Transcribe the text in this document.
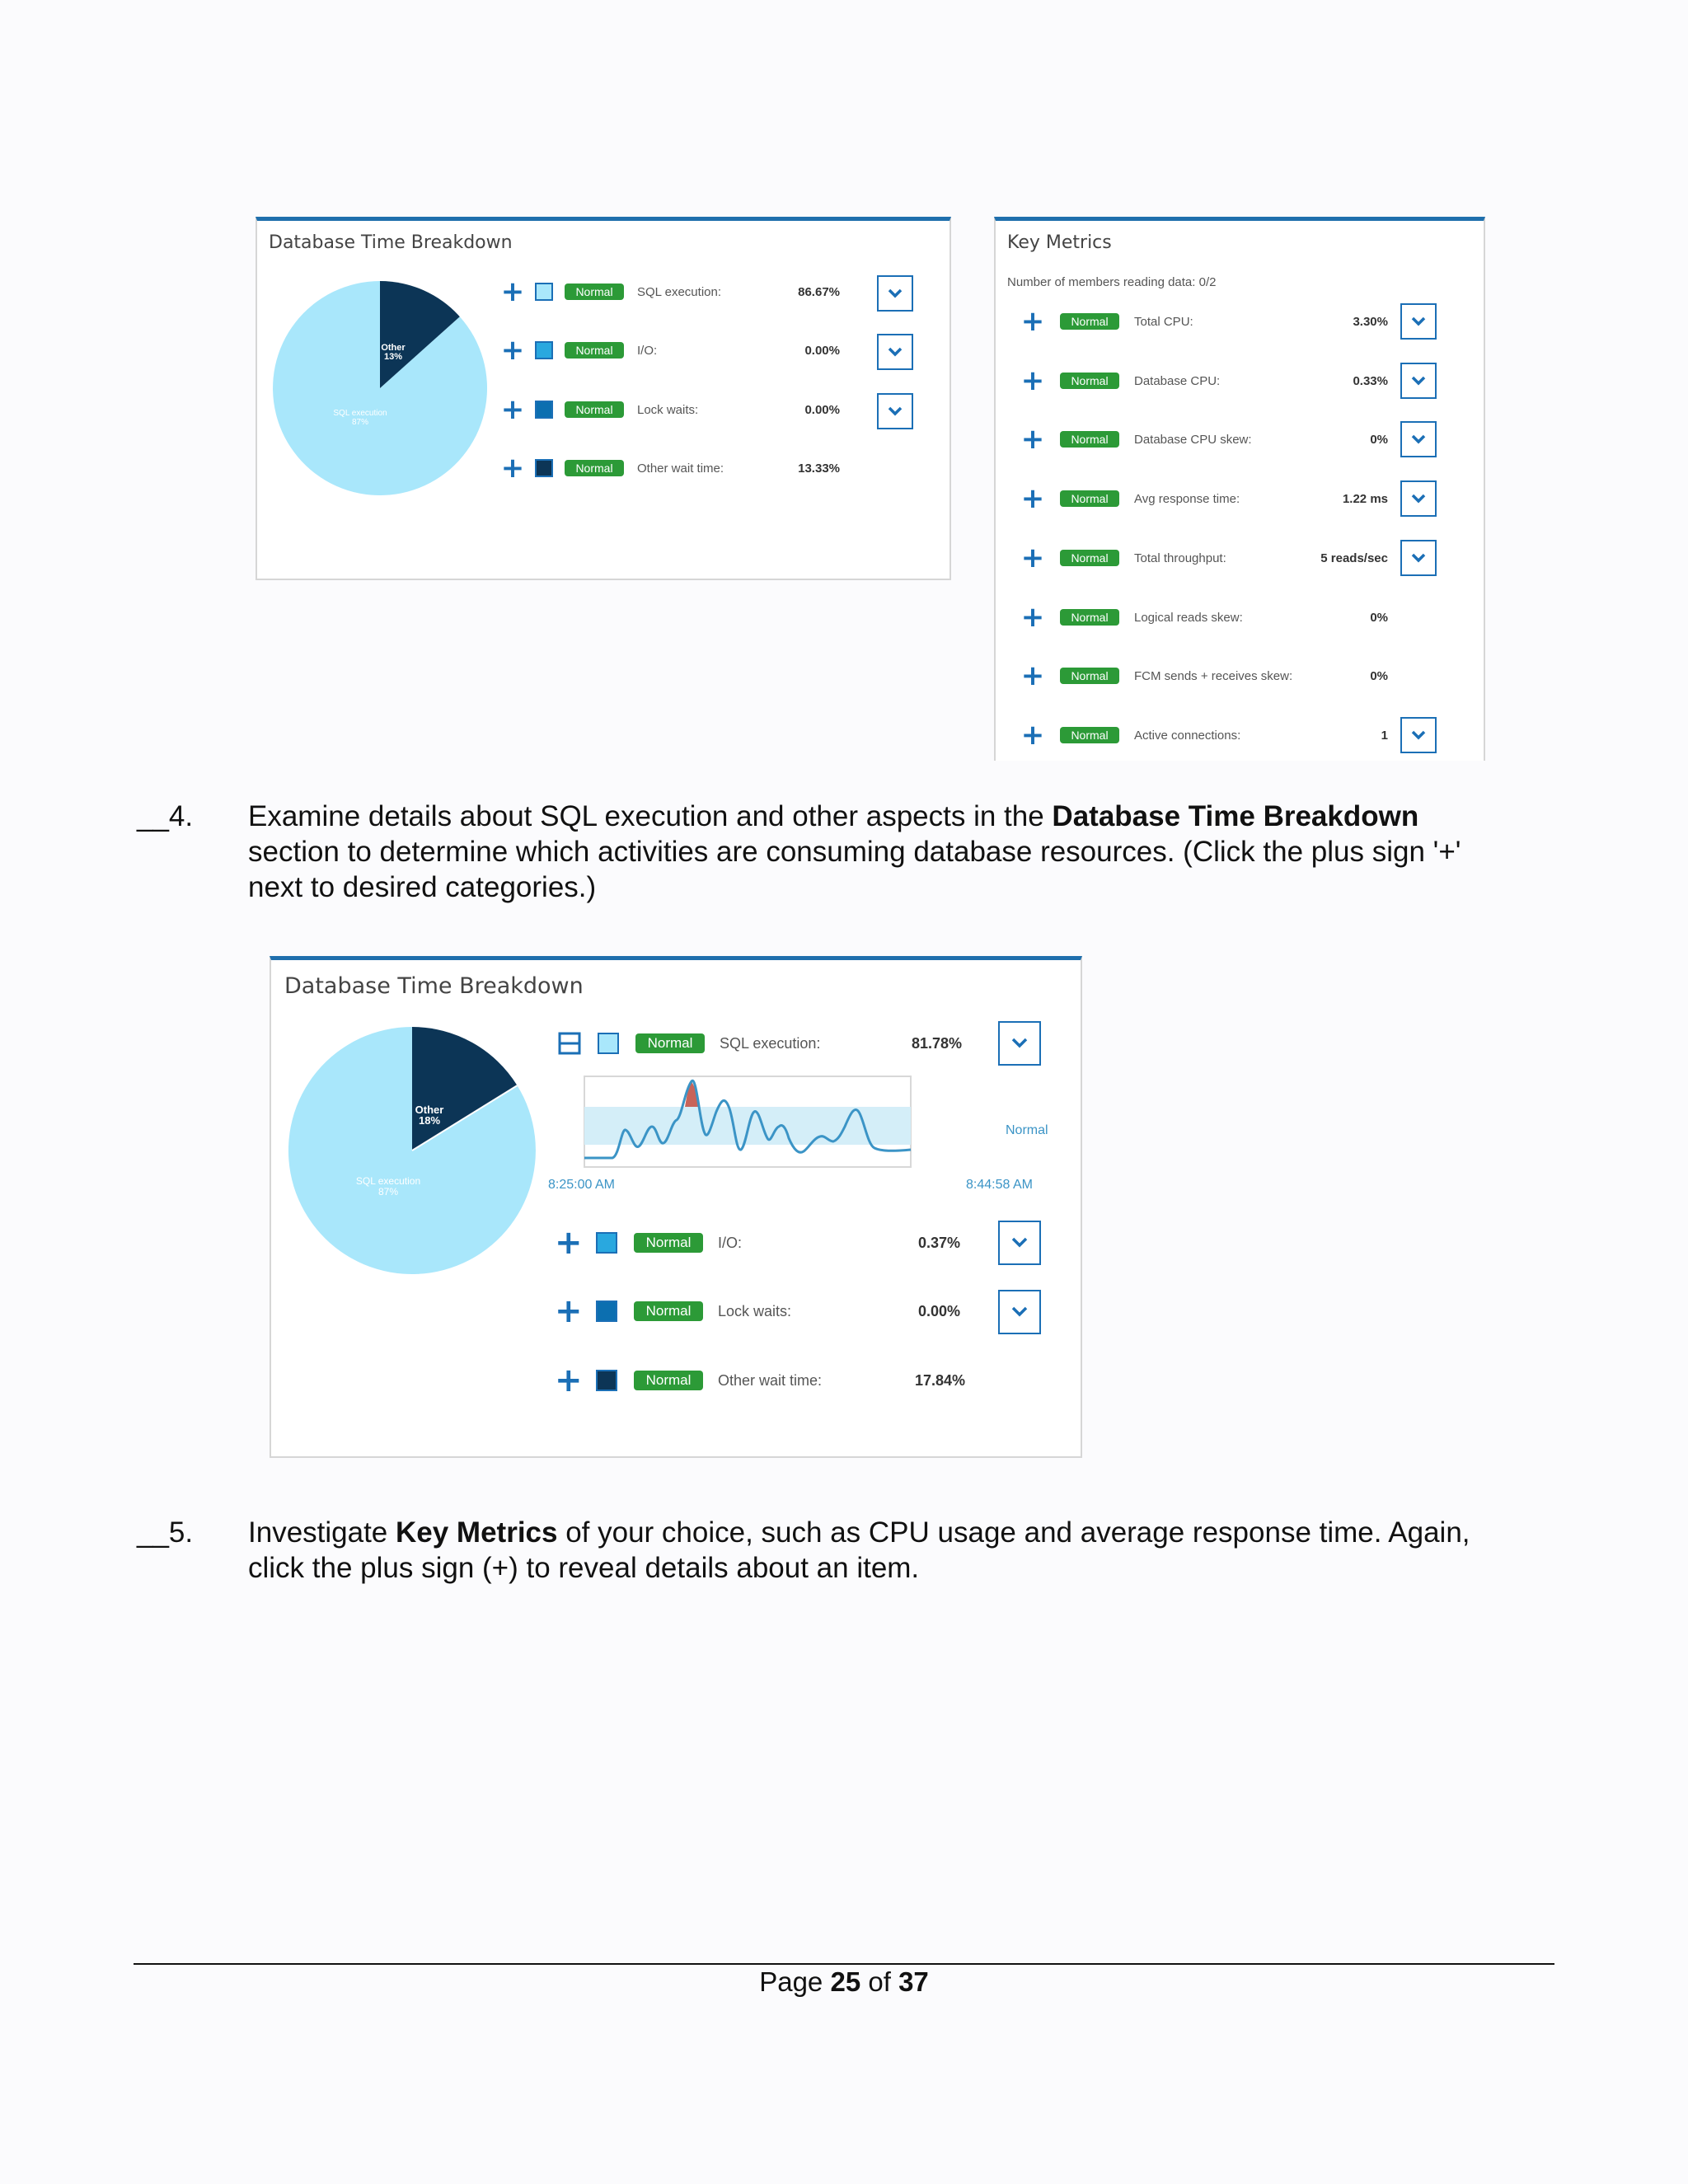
Database Time Breakdown
Other 13%
SQL execution 87%
+	Normal	SQL execution:	86.67%
+	Normal	I/O:	0.00%
+	Normal	Lock waits:	0.00%
+	Normal	Other wait time:	13.33%
Key Metrics
Number of members reading data: 0/2
+	Normal	Total CPU:	3.30%
+	Normal	Database CPU:	0.33%
+	Normal	Database CPU skew:	0%
+	Normal	Avg response time:	1.22 ms
+	Normal	Total throughput:	5 reads/sec
+	Normal	Logical reads skew:	0%
+	Normal	FCM sends + receives skew:	0%
+	Normal	Active connections:	1
__4. Examine details about SQL execution and other aspects in the Database Time Breakdown
section to determine which activities are consuming database resources. (Click the plus sign '+'
next to desired categories.)
Database Time Breakdown
Other 18%
SQL execution 87%
Normal	SQL execution:	81.78%
Normal
8:25:00 AM	8:44:58 AM
+	Normal	I/O:	0.37%
+	Normal	Lock waits:	0.00%
+	Normal	Other wait time:	17.84%
__5. Investigate Key Metrics of your choice, such as CPU usage and average response time. Again,
click the plus sign (+) to reveal details about an item.
Page 25 of 37
